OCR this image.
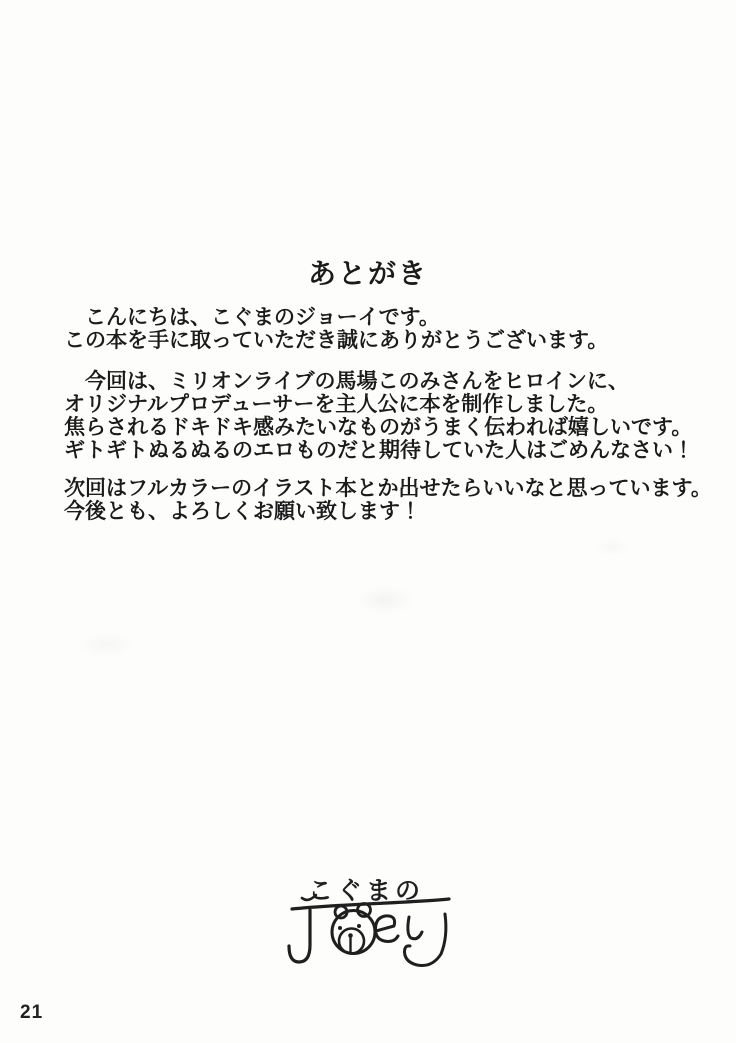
あとがき

　こんにちは、こぐまのジョーイです。
この本を手に取っていただき誠にありがとうございます。

　今回は、ミリオンライブの馬場このみさんをヒロインに、
オリジナルプロデューサーを主人公に本を制作しました。
焦らされるドキドキ感みたいなものがうまく伝われば嬉しいです。
ギトギトぬるぬるのエロものだと期待していた人はごめんなさい！

次回はフルカラーのイラスト本とか出せたらいいなと思っています。
今後とも、よろしくお願い致します！

こぐまの
21
